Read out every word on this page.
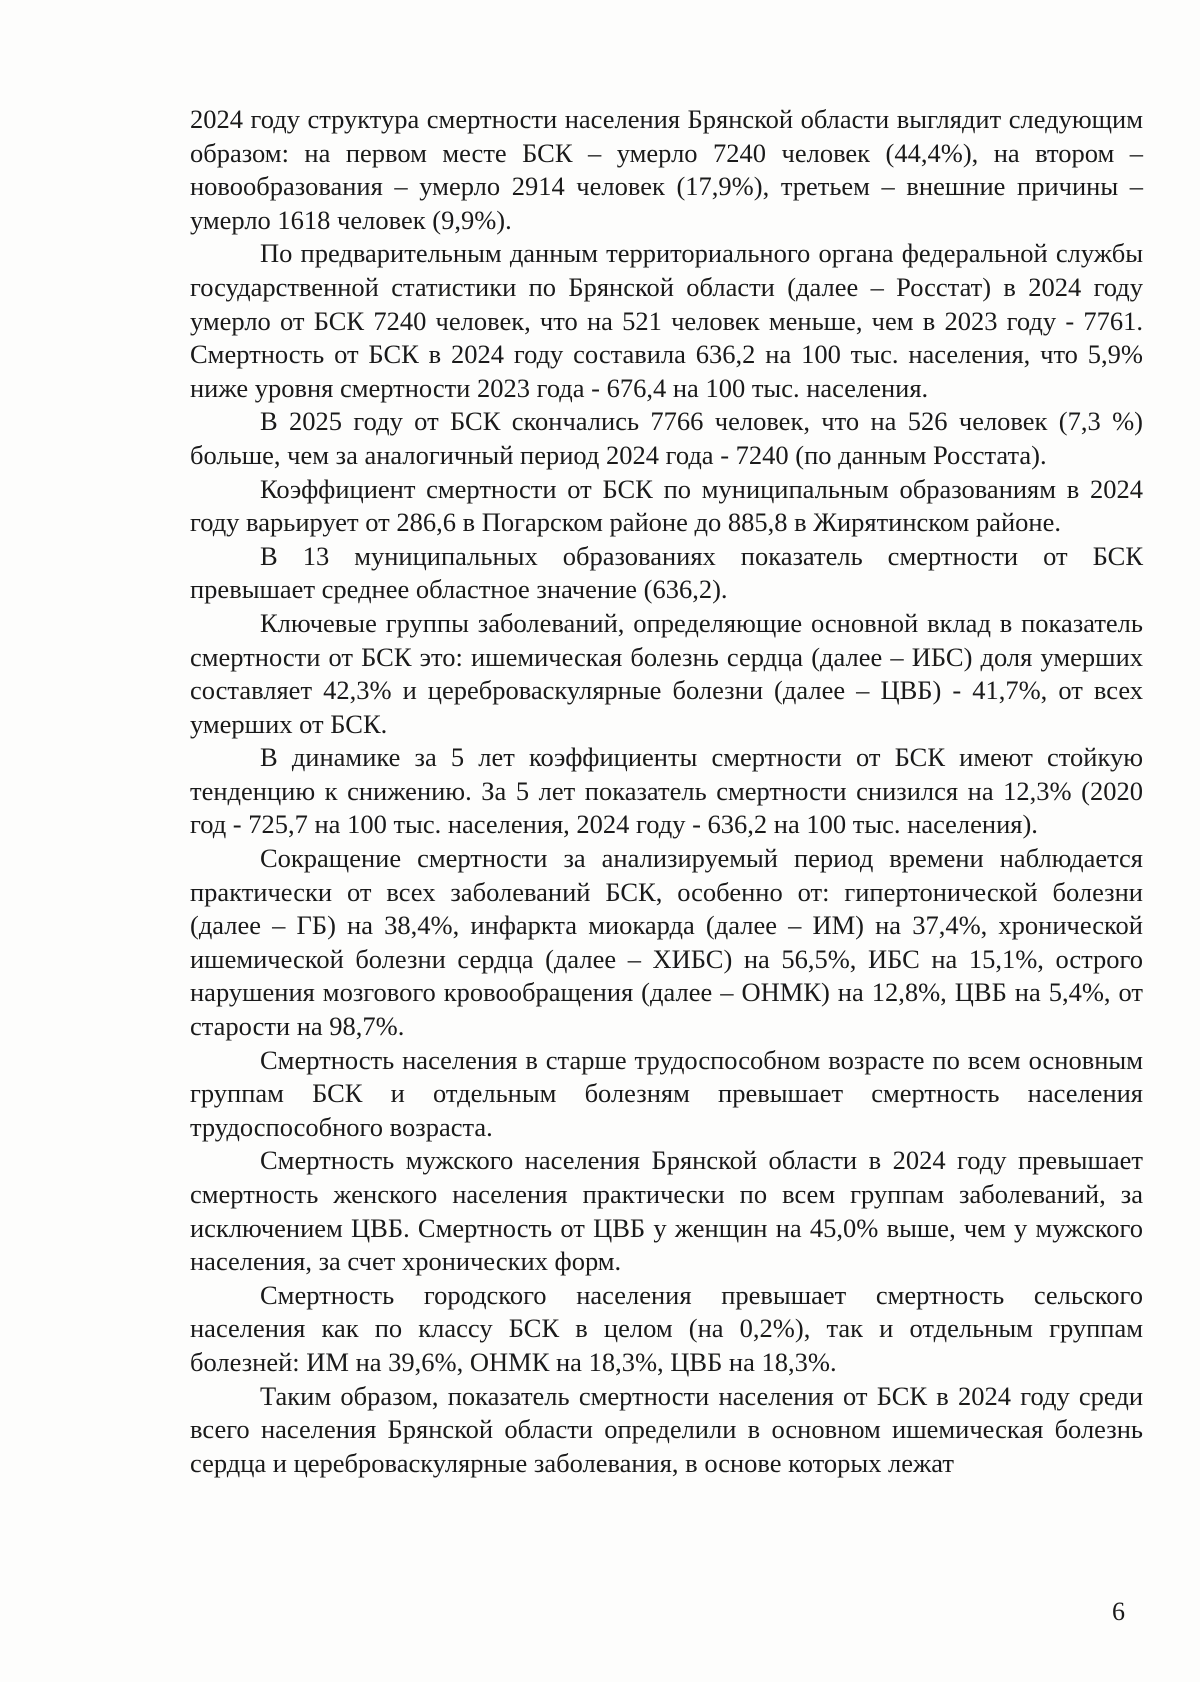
2024 году структура смертности населения Брянской области выглядит следующим образом: на первом месте БСК – умерло 7240 человек (44,4%), на втором – новообразования – умерло 2914 человек (17,9%), третьем – внешние причины – умерло 1618 человек (9,9%).

По предварительным данным территориального органа федеральной службы государственной статистики по Брянской области (далее – Росстат) в 2024 году умерло от БСК 7240 человек, что на 521 человек меньше, чем в 2023 году - 7761. Смертность от БСК в 2024 году составила 636,2 на 100 тыс. населения, что 5,9% ниже уровня смертности 2023 года - 676,4 на 100 тыс. населения.

В 2025 году от БСК скончались 7766 человек, что на 526 человек (7,3 %) больше, чем за аналогичный период 2024 года - 7240 (по данным Росстата).

Коэффициент смертности от БСК по муниципальным образованиям в 2024 году варьирует от 286,6 в Погарском районе до 885,8 в Жирятинском районе.

В 13 муниципальных образованиях показатель смертности от БСК превышает среднее областное значение (636,2).

Ключевые группы заболеваний, определяющие основной вклад в показатель смертности от БСК это: ишемическая болезнь сердца (далее – ИБС) доля умерших составляет 42,3% и цереброваскулярные болезни (далее – ЦВБ) - 41,7%, от всех умерших от БСК.

В динамике за 5 лет коэффициенты смертности от БСК имеют стойкую тенденцию к снижению. За 5 лет показатель смертности снизился на 12,3% (2020 год - 725,7 на 100 тыс. населения, 2024 году - 636,2 на 100 тыс. населения).

Сокращение смертности за анализируемый период времени наблюдается практически от всех заболеваний БСК, особенно от: гипертонической болезни (далее – ГБ) на 38,4%, инфаркта миокарда (далее – ИМ) на 37,4%, хронической ишемической болезни сердца (далее – ХИБС) на 56,5%, ИБС на 15,1%, острого нарушения мозгового кровообращения (далее – ОНМК) на 12,8%, ЦВБ на 5,4%, от старости на 98,7%.

Смертность населения в старше трудоспособном возрасте по всем основным группам БСК и отдельным болезням превышает смертность населения трудоспособного возраста.

Смертность мужского населения Брянской области в 2024 году превышает смертность женского населения практически по всем группам заболеваний, за исключением ЦВБ. Смертность от ЦВБ у женщин на 45,0% выше, чем у мужского населения, за счет хронических форм.

Смертность городского населения превышает смертность сельского населения как по классу БСК в целом (на 0,2%), так и отдельным группам болезней: ИМ на 39,6%, ОНМК на 18,3%, ЦВБ на 18,3%.

Таким образом, показатель смертности населения от БСК в 2024 году среди всего населения Брянской области определили в основном ишемическая болезнь сердца и цереброваскулярные заболевания, в основе которых лежат

6
